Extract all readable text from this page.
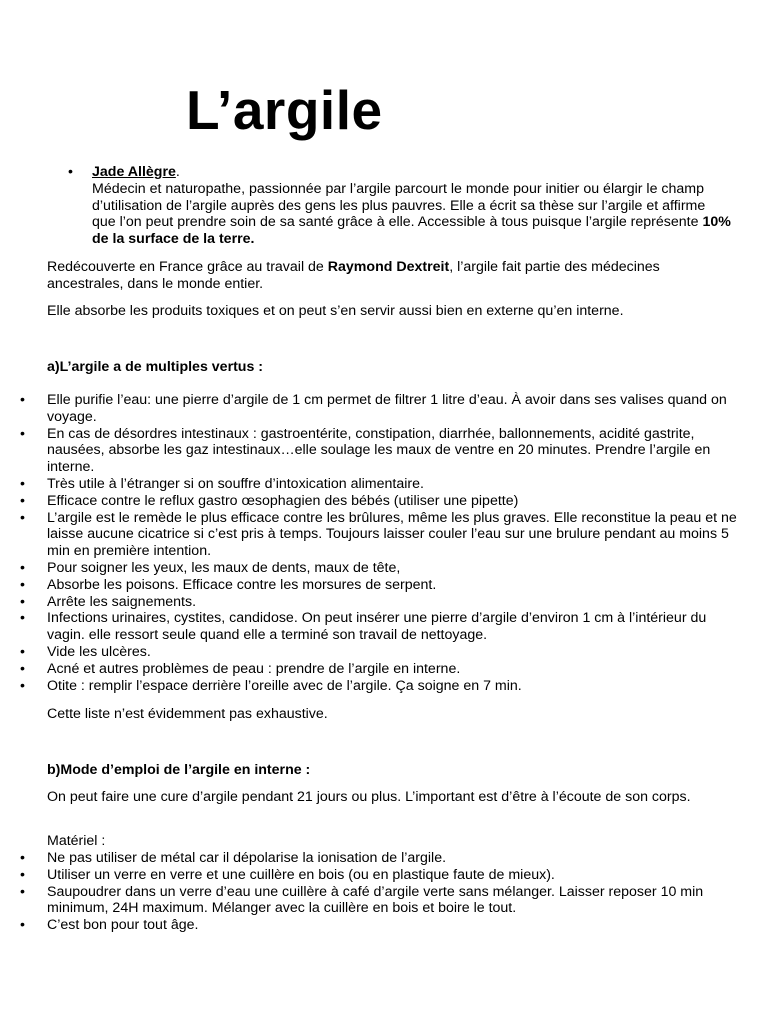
L’argile
• Jade Allègre.

Médecin et naturopathe, passionnée par l’argile parcourt le monde pour initier ou élargir le champ d’utilisation de l’argile auprès des gens les plus pauvres. Elle a écrit sa thèse sur l’argile et affirme que l’on peut prendre soin de sa santé grâce à elle. Accessible à tous puisque l’argile représente 10% de la surface de la terre.

Redécouverte en France grâce au travail de Raymond Dextreit, l’argile fait partie des médecines ancestrales, dans le monde entier.

Elle absorbe les produits toxiques et on peut s’en servir aussi bien en externe qu’en interne.

a)L’argile a de multiples vertus :

• Elle purifie l’eau: une pierre d’argile de 1 cm permet de filtrer 1 litre d’eau. À avoir dans ses valises quand on voyage.
• En cas de désordres intestinaux : gastroentérite, constipation, diarrhée, ballonnements, acidité gastrite, nausées, absorbe les gaz intestinaux…elle soulage les maux de ventre en 20 minutes. Prendre l’argile en interne.
• Très utile à l’étranger si on souffre d’intoxication alimentaire.
• Efficace contre le reflux gastro œsophagien des bébés (utiliser une pipette)
• L’argile est le remède le plus efficace contre les brûlures, même les plus graves. Elle reconstitue la peau et ne laisse aucune cicatrice si c’est pris à temps. Toujours laisser couler l’eau sur une brulure pendant au moins 5 min en première intention.
• Pour soigner les yeux, les maux de dents, maux de tête,
• Absorbe les poisons. Efficace contre les morsures de serpent.
• Arrête les saignements.
• Infections urinaires, cystites, candidose. On peut insérer une pierre d’argile d’environ 1 cm à l’intérieur du vagin. elle ressort seule quand elle a terminé son travail de nettoyage.
• Vide les ulcères.
• Acné et autres problèmes de peau : prendre de l’argile en interne.
• Otite : remplir l’espace derrière l’oreille avec de l’argile. Ça soigne en 7 min.

Cette liste n’est évidemment pas exhaustive.

b)Mode d’emploi de l’argile en interne :

On peut faire une cure d’argile pendant 21 jours ou plus. L’important est d’être à l’écoute de son corps.

Matériel :

• Ne pas utiliser de métal car il dépolarise la ionisation de l’argile.
• Utiliser un verre en verre et une cuillère en bois (ou en plastique faute de mieux).
• Saupoudrer dans un verre d’eau une cuillère à café d’argile verte sans mélanger. Laisser reposer 10 min minimum, 24H maximum. Mélanger avec la cuillère en bois et boire le tout.
• C’est bon pour tout âge.
